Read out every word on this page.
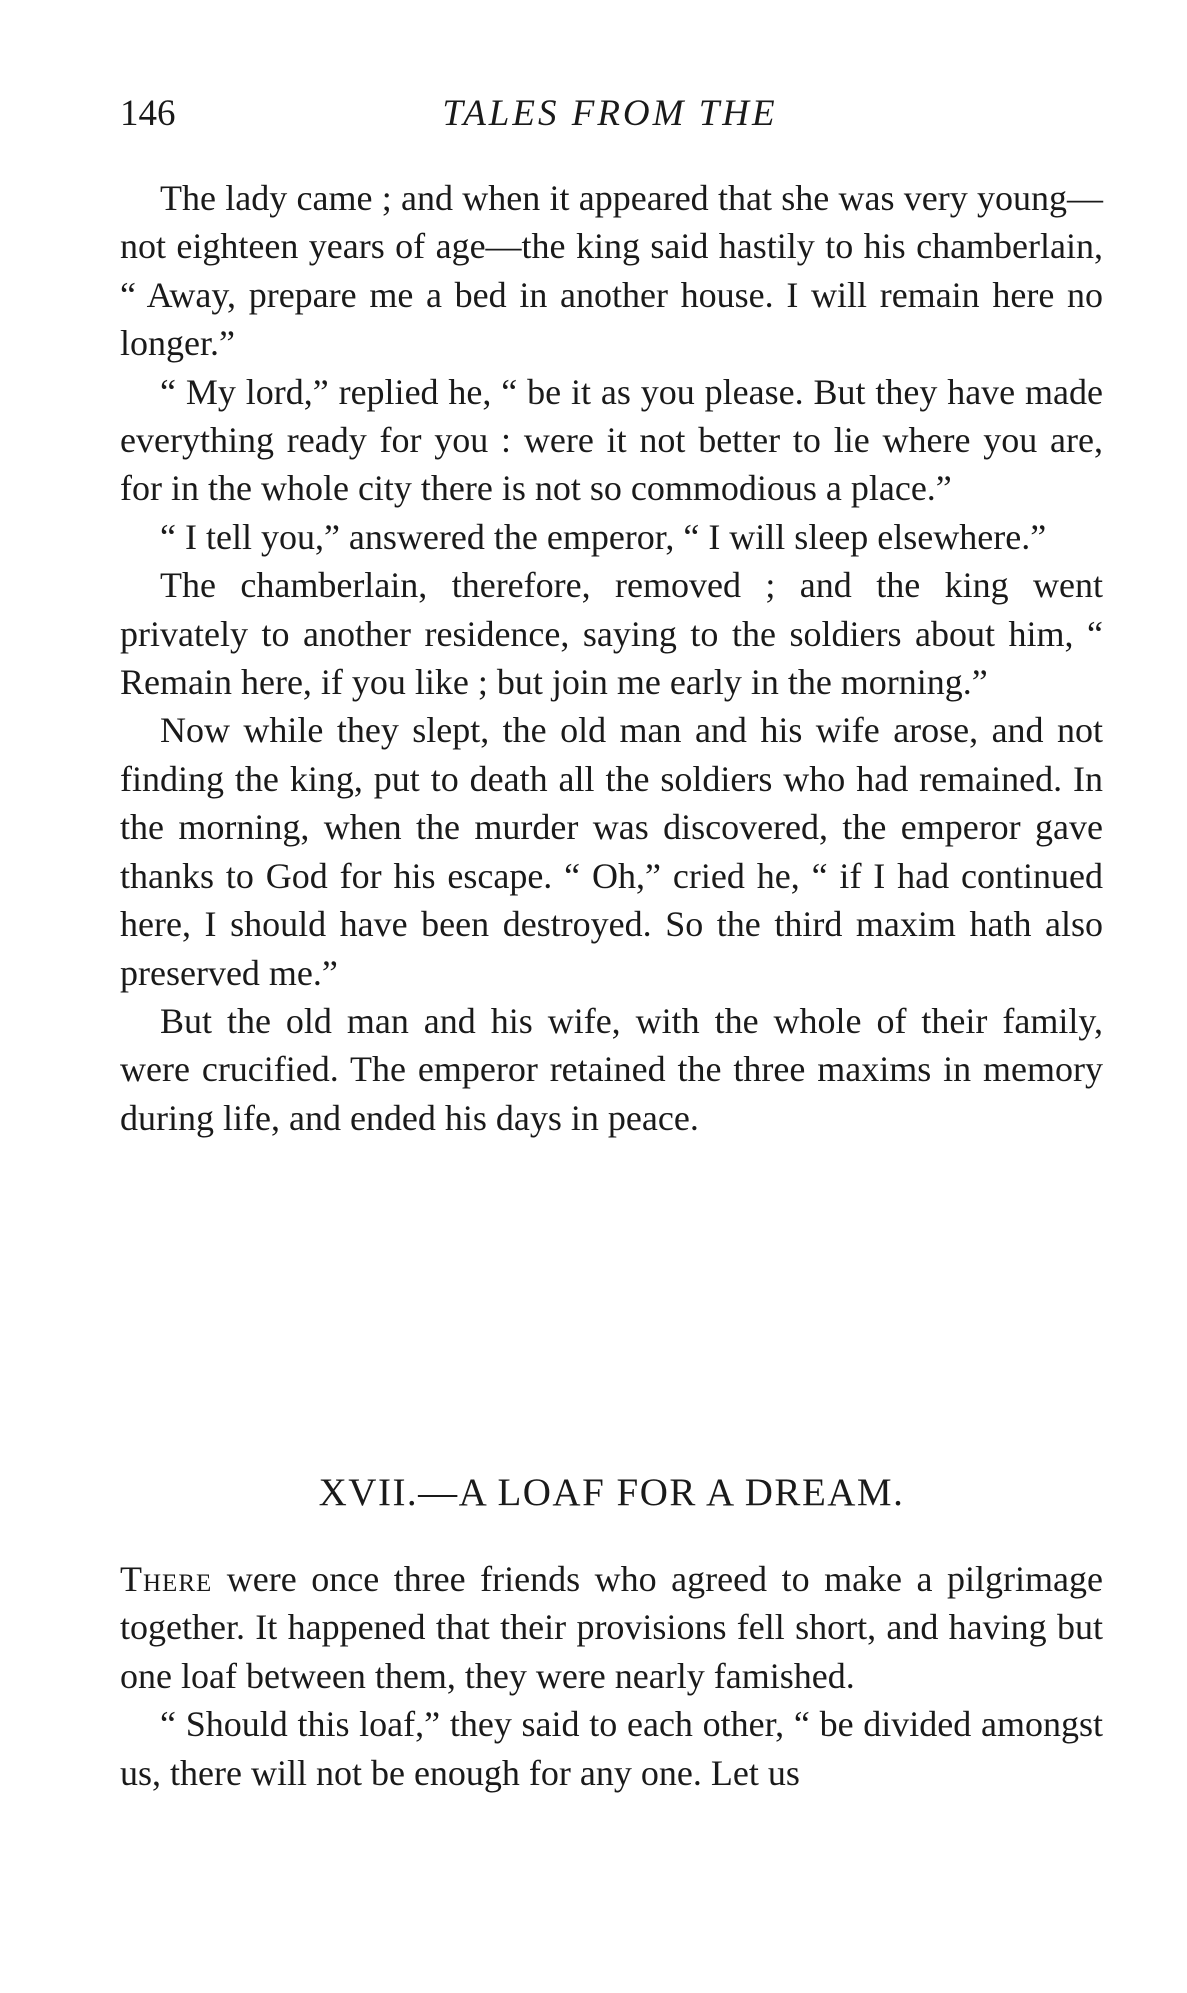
146	TALES FROM THE

The lady came ; and when it appeared that she was very young—not eighteen years of age—the king said hastily to his chamberlain, “ Away, prepare me a bed in another house. I will remain here no longer.”

“ My lord,” replied he, “ be it as you please. But they have made everything ready for you : were it not better to lie where you are, for in the whole city there is not so commodious a place.”

“ I tell you,” answered the emperor, “ I will sleep elsewhere.”

The chamberlain, therefore, removed ; and the king went privately to another residence, saying to the soldiers about him, “ Remain here, if you like ; but join me early in the morning.”

Now while they slept, the old man and his wife arose, and not finding the king, put to death all the soldiers who had remained. In the morning, when the murder was discovered, the emperor gave thanks to God for his escape. “ Oh,” cried he, “ if I had continued here, I should have been destroyed. So the third maxim hath also preserved me.”

But the old man and his wife, with the whole of their family, were crucified. The emperor retained the three maxims in memory during life, and ended his days in peace.

XVII.—A LOAF FOR A DREAM.

There were once three friends who agreed to make a pilgrimage together. It happened that their provisions fell short, and having but one loaf between them, they were nearly famished.

“ Should this loaf,” they said to each other, “ be divided amongst us, there will not be enough for any one. Let us
